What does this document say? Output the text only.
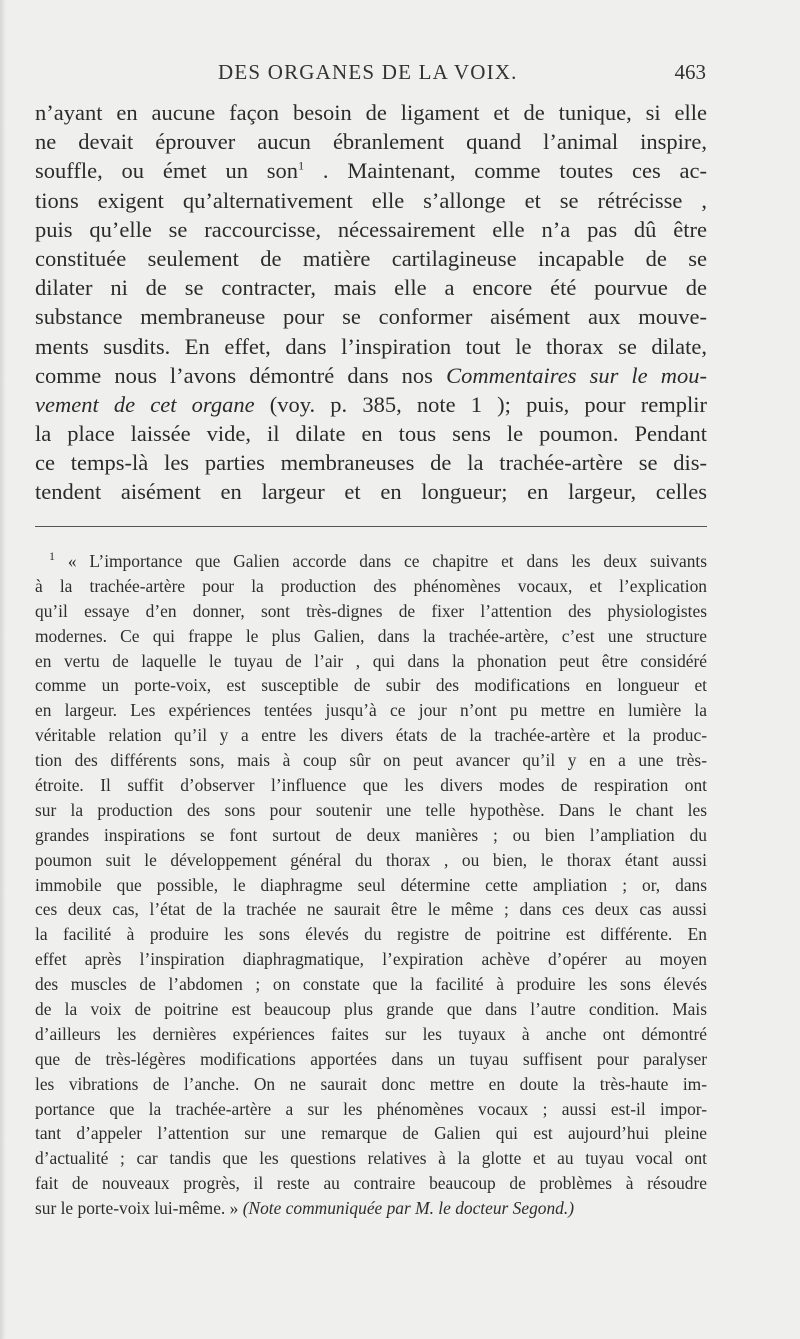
DES ORGANES DE LA VOIX.	463
n’ayant en aucune façon besoin de ligament et de tunique, si elle
ne devait éprouver aucun ébranlement quand l’animal inspire,
souffle, ou émet un son$^1$ . Maintenant, comme toutes ces ac-
tions exigent qu’alternativement elle s’allonge et se rétrécisse ,
puis qu’elle se raccourcisse, nécessairement elle n’a pas dû être
constituée seulement de matière cartilagineuse incapable de se
dilater ni de se contracter, mais elle a encore été pourvue de
substance membraneuse pour se conformer aisément aux mouve-
ments susdits. En effet, dans l’inspiration tout le thorax se dilate,
comme nous l’avons démontré dans nos Commentaires sur le mou-
vement de cet organe (voy. p. 385, note 1 ); puis, pour remplir
la place laissée vide, il dilate en tous sens le poumon. Pendant
ce temps-là les parties membraneuses de la trachée-artère se dis-
tendent aisément en largeur et en longueur; en largeur, celles
$^1$ « L’importance que Galien accorde dans ce chapitre et dans les deux suivants
à la trachée-artère pour la production des phénomènes vocaux, et l’explication
qu’il essaye d’en donner, sont très-dignes de fixer l’attention des physiologistes
modernes. Ce qui frappe le plus Galien, dans la trachée-artère, c’est une structure
en vertu de laquelle le tuyau de l’air , qui dans la phonation peut être considéré
comme un porte-voix, est susceptible de subir des modifications en longueur et
en largeur. Les expériences tentées jusqu’à ce jour n’ont pu mettre en lumière la
véritable relation qu’il y a entre les divers états de la trachée-artère et la produc-
tion des différents sons, mais à coup sûr on peut avancer qu’il y en a une très-
étroite. Il suffit d’observer l’influence que les divers modes de respiration ont
sur la production des sons pour soutenir une telle hypothèse. Dans le chant les
grandes inspirations se font surtout de deux manières ; ou bien l’ampliation du
poumon suit le développement général du thorax , ou bien, le thorax étant aussi
immobile que possible, le diaphragme seul détermine cette ampliation ; or, dans
ces deux cas, l’état de la trachée ne saurait être le même ; dans ces deux cas aussi
la facilité à produire les sons élevés du registre de poitrine est différente. En
effet après l’inspiration diaphragmatique, l’expiration achève d’opérer au moyen
des muscles de l’abdomen ; on constate que la facilité à produire les sons élevés
de la voix de poitrine est beaucoup plus grande que dans l’autre condition. Mais
d’ailleurs les dernières expériences faites sur les tuyaux à anche ont démontré
que de très-légères modifications apportées dans un tuyau suffisent pour paralyser
les vibrations de l’anche. On ne saurait donc mettre en doute la très-haute im-
portance que la trachée-artère a sur les phénomènes vocaux ; aussi est-il impor-
tant d’appeler l’attention sur une remarque de Galien qui est aujourd’hui pleine
d’actualité ; car tandis que les questions relatives à la glotte et au tuyau vocal ont
fait de nouveaux progrès, il reste au contraire beaucoup de problèmes à résoudre
sur le porte-voix lui-même. » (Note communiquée par M. le docteur Segond.)
